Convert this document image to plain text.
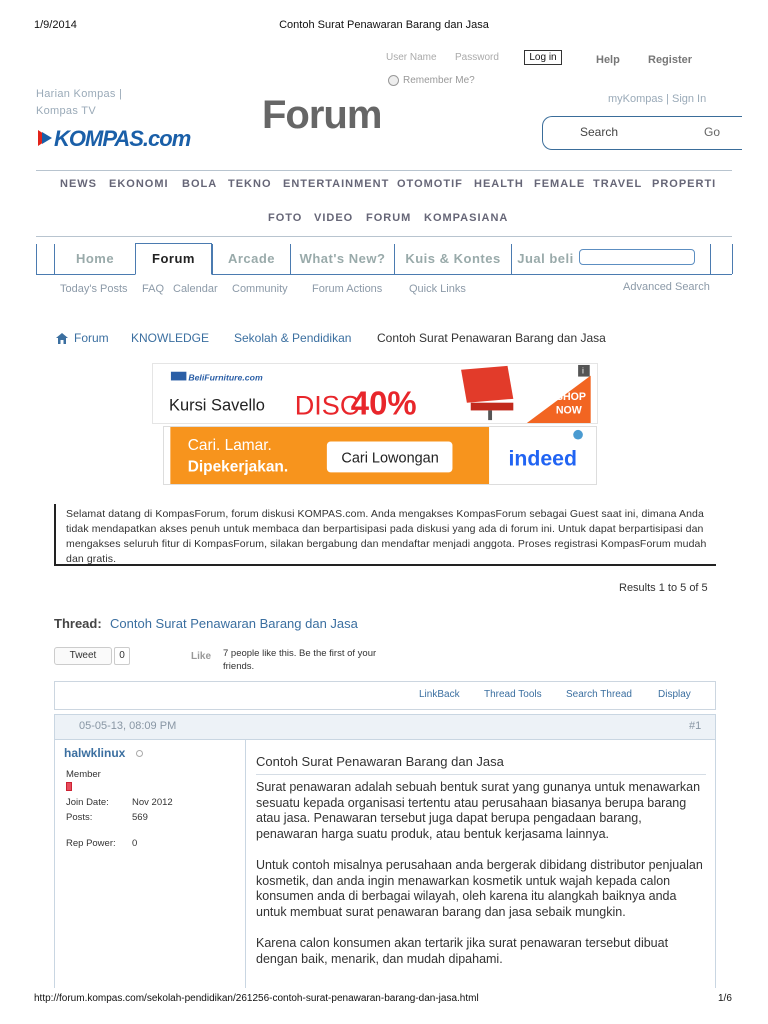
1/9/2014	Contoh Surat Penawaran Barang dan Jasa
User Name Password	Log in	Help	Register
Remember Me?
Harian Kompas |
Kompas TV
KOMPAS.com
Forum	myKompas | Sign In
Search	Go
NEWS EKONOMI BOLA TEKNO ENTERTAINMENT OTOMOTIF HEALTH FEMALE TRAVEL PROPERTI
FOTO VIDEO FORUM KOMPASIANA
Home	Forum	Arcade	What's New?	Kuis & Kontes	Jual beli
Today's Posts FAQ Calendar Community Forum Actions Quick Links	Advanced Search
Forum KNOWLEDGE Sekolah & Pendidikan Contoh Surat Penawaran Barang dan Jasa
BeliFurniture.com
Kursi Savello DISC
40%	SHOP
NOW
i
Cari. Lamar.
Dipekerjakan.	Cari Lowongan	indeed
Selamat datang di KompasForum, forum diskusi KOMPAS.com. Anda mengakses KompasForum sebagai Guest saat ini, dimana Anda tidak mendapatkan akses penuh untuk membaca dan berpartisipasi pada diskusi yang ada di forum ini. Untuk dapat berpartisipasi dan mengakses seluruh fitur di KompasForum, silakan bergabung dan mendaftar menjadi anggota. Proses registrasi KompasForum mudah dan gratis.
Results 1 to 5 of 5
Thread: Contoh Surat Penawaran Barang dan Jasa
Tweet	0	Like 7 people like this. Be the first of your friends.
LinkBack Thread Tools Search Thread	Display
05-05-13, 08:09 PM	#1
halwklinux
Member
Join Date: Nov 2012
Posts:	569
Rep Power: 0
Contoh Surat Penawaran Barang dan Jasa

Surat penawaran adalah sebuah bentuk surat yang gunanya untuk menawarkan sesuatu kepada organisasi tertentu atau perusahaan biasanya berupa barang atau jasa. Penawaran tersebut juga dapat berupa pengadaan barang, penawaran harga suatu produk, atau bentuk kerjasama lainnya.

Untuk contoh misalnya perusahaan anda bergerak dibidang distributor penjualan kosmetik, dan anda ingin menawarkan kosmetik untuk wajah kepada calon konsumen anda di berbagai wilayah, oleh karena itu alangkah baiknya anda untuk membuat surat penawaran barang dan jasa sebaik mungkin.

Karena calon konsumen akan tertarik jika surat penawaran tersebut dibuat dengan baik, menarik, dan mudah dipahami.

http://forum.kompas.com/sekolah-pendidikan/261256-contoh-surat-penawaran-barang-dan-jasa.html	1/6
